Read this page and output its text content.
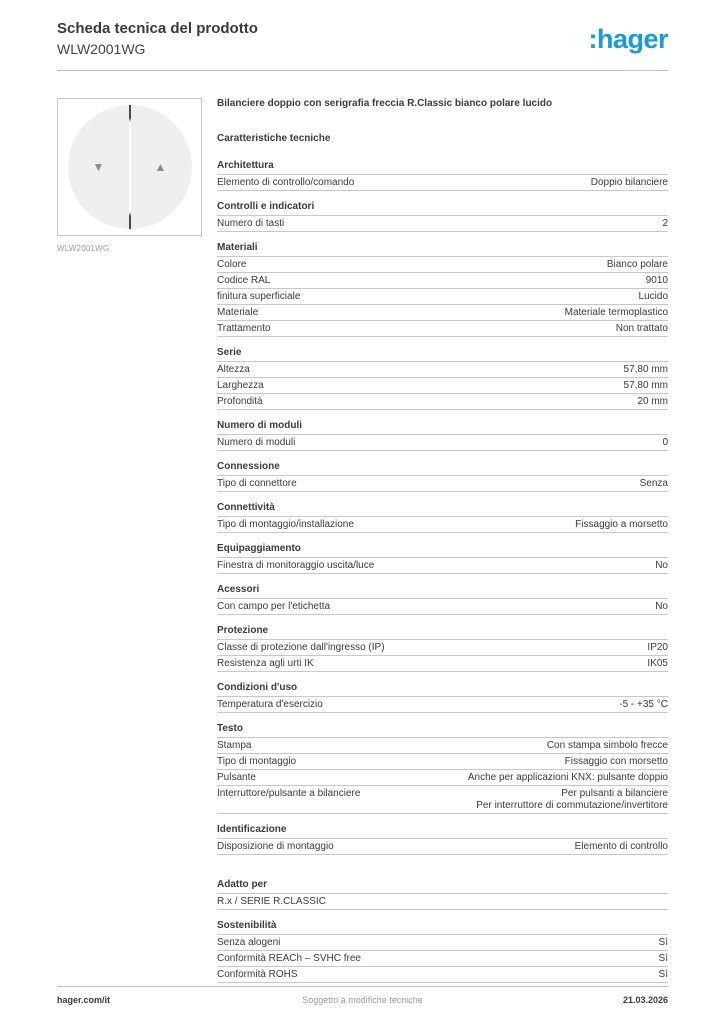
Scheda tecnica del prodotto
WLW2001WG	:hager
▼	▲
WLW2001WG
Bilanciere doppio con serigrafia freccia R.Classic bianco polare lucido
Caratteristiche tecniche
Architettura
Elemento di controllo/comando	Doppio bilanciere
Controlli e indicatori
Numero di tasti	2
Materiali
Colore	Bianco polare
Codice RAL	9010
finitura superficiale	Lucido
Materiale	Materiale termoplastico
Trattamento	Non trattato
Serie
Altezza	57,80 mm
Larghezza	57,80 mm
Profondità	20 mm
Numero di moduli
Numero di moduli	0
Connessione
Tipo di connettore	Senza
Connettività
Tipo di montaggio/installazione	Fissaggio a morsetto
Equipaggiamento
Finestra di monitoraggio uscita/luce	No
Acessori
Con campo per l'etichetta	No
Protezione
Classe di protezione dall'ingresso (IP)	IP20
Resistenza agli urti IK	IK05
Condizioni d'uso
Temperatura d'esercizio	-5 - +35 °C
Testo
Stampa	Con stampa simbolo frecce
Tipo di montaggio	Fissaggio con morsetto
Pulsante	Anche per applicazioni KNX: pulsante doppio
Interruttore/pulsante a bilanciere	Per pulsanti a bilanciere
Per interruttore di commutazione/invertitore
Identificazione
Disposizione di montaggio	Elemento di controllo
Adatto per
R.x / SERIE R.CLASSIC
Sostenibilità
Senza alogeni	Sì
Conformità REACh – SVHC free	Sì
Conformità ROHS	Sì
hager.com/it	Soggetto a modifiche tecniche	21.03.2026
